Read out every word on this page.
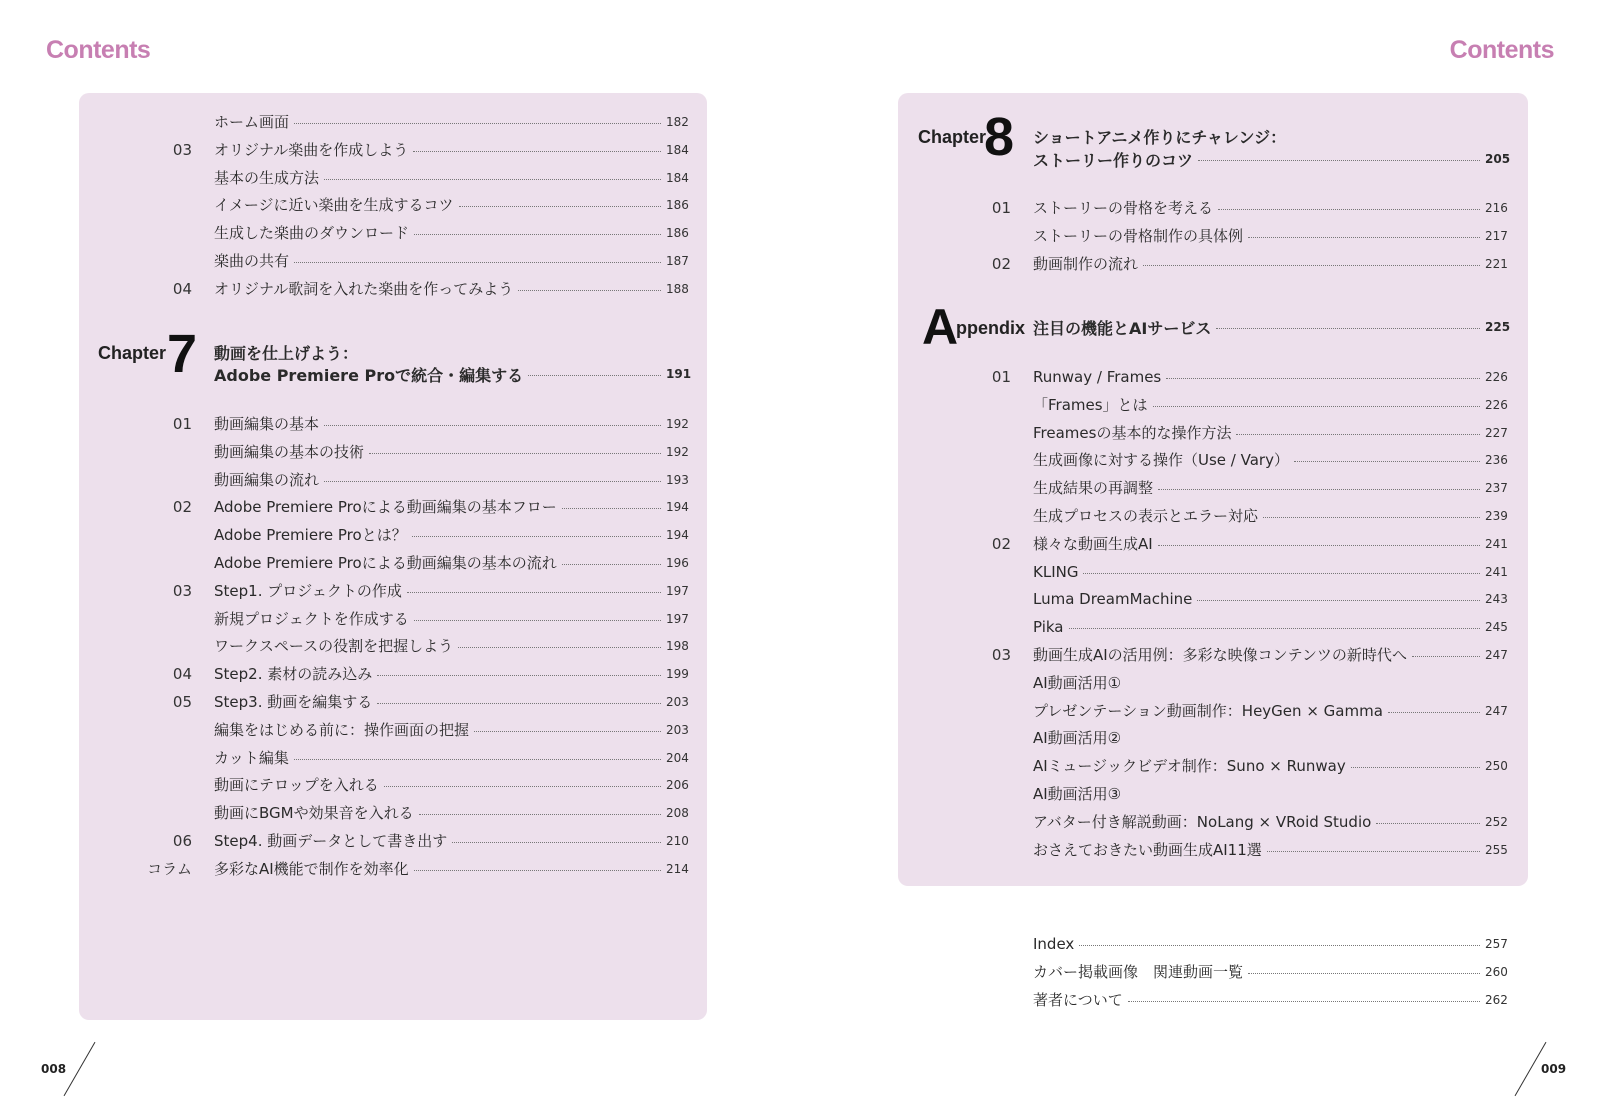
Contents	Contents
Chapter 7 動画を仕上げよう：
Adobe Premiere Proで統合・編集する	191
Chapter
8 ショートアニメ作りにチャレンジ：
ストーリー作りのコツ	205
A
ppendix 注目の機能とAIサービス	225
ホーム画面	182
03 オリジナル楽曲を作成しよう	184
基本の生成方法	184
イメージに近い楽曲を生成するコツ	186
生成した楽曲のダウンロード	186
楽曲の共有	187
04 オリジナル歌詞を入れた楽曲を作ってみよう	188
01 動画編集の基本	192
動画編集の基本の技術	192
動画編集の流れ	193
02 Adobe Premiere Proによる動画編集の基本フロー	194
Adobe Premiere Proとは？	194
Adobe Premiere Proによる動画編集の基本の流れ	196
03 Step1. プロジェクトの作成	197
新規プロジェクトを作成する	197
ワークスペースの役割を把握しよう	198
04 Step2. 素材の読み込み	199
05 Step3. 動画を編集する	203
編集をはじめる前に：操作画面の把握	203
カット編集	204
動画にテロップを入れる	206
動画にBGMや効果音を入れる	208
06 Step4. 動画データとして書き出す	210
コラム 多彩なAI機能で制作を効率化	214
01 ストーリーの骨格を考える	216
ストーリーの骨格制作の具体例	217
02 動画制作の流れ	221
01 Runway / Frames	226
「Frames」とは	226
Freamesの基本的な操作方法	227
生成画像に対する操作（Use / Vary）	236
生成結果の再調整	237
生成プロセスの表示とエラー対応	239
02 様々な動画生成AI	241
KLING	241
Luma DreamMachine	243
Pika	245
03 動画生成AIの活用例：多彩な映像コンテンツの新時代へ	247
AI動画活用①
プレゼンテーション動画制作：HeyGen × Gamma	247
AI動画活用②
AIミュージックビデオ制作：Suno × Runway	250
AI動画活用③
アバター付き解説動画：NoLang × VRoid Studio	252
おさえておきたい動画生成AI11選	255
Index	257
カバー掲載画像　関連動画一覧	260
著者について	262
008	009
